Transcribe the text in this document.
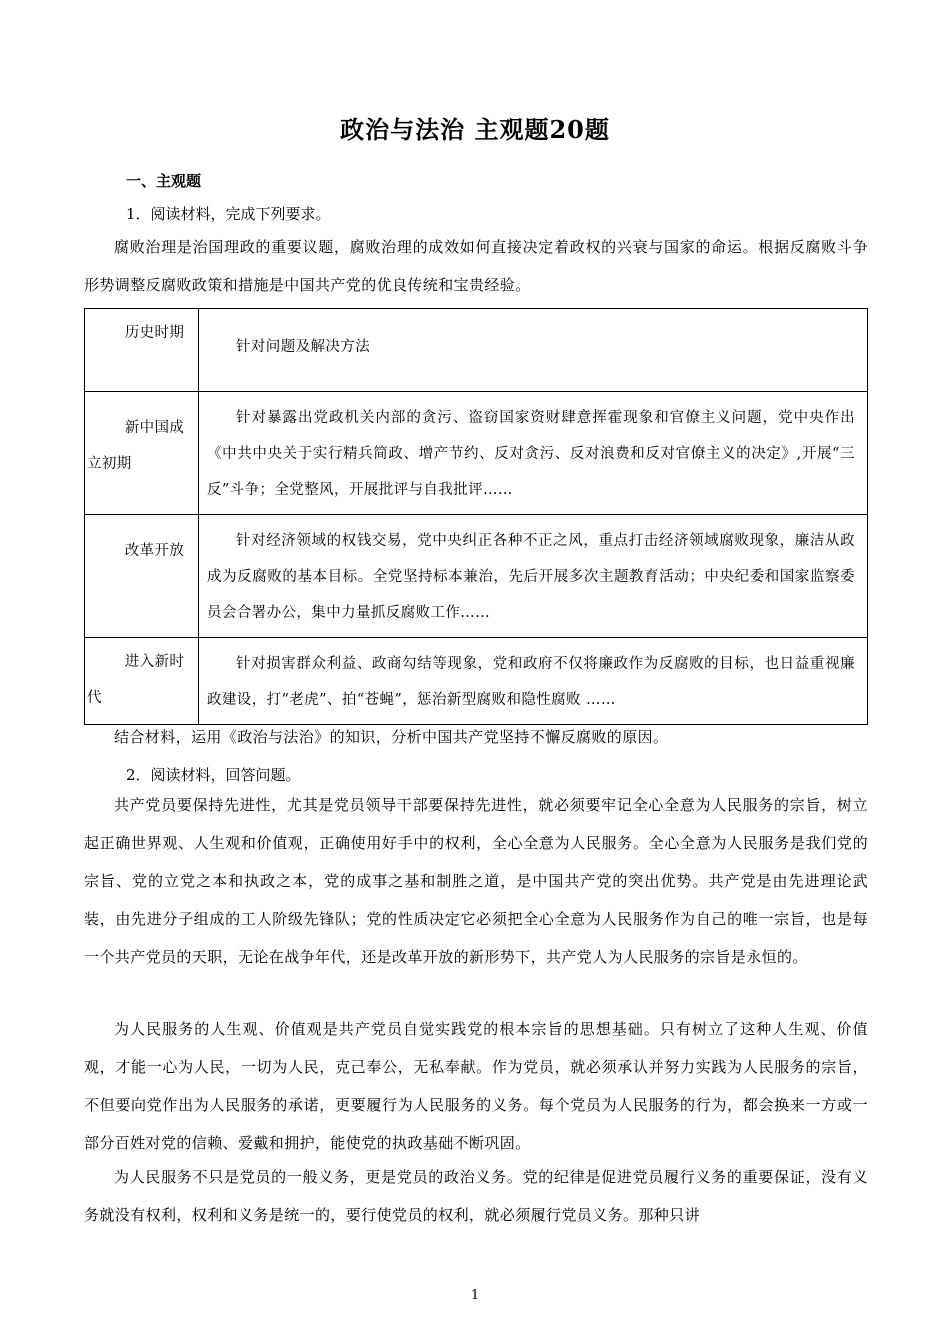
政治与法治 主观题20题
一、主观题
1．阅读材料，完成下列要求。
腐败治理是治国理政的重要议题，腐败治理的成效如何直接决定着政权的兴衰与国家的命运。根据反腐败斗争形势调整反腐败政策和措施是中国共产党的优良传统和宝贵经验。
历史时期	针对问题及解决方法

新中国成立初期	针对暴露出党政机关内部的贪污、盗窃国家资财肆意挥霍现象和官僚主义问题，党中央作出《中共中央关于实行精兵简政、增产节约、反对贪污、反对浪费和反对官僚主义的决定》,开展“三反”斗争；全党整风，开展批评与自我批评……

改革开放	针对经济领域的权钱交易，党中央纠正各种不正之风，重点打击经济领域腐败现象，廉洁从政成为反腐败的基本目标。全党坚持标本兼治，先后开展多次主题教育活动；中央纪委和国家监察委员会合署办公，集中力量抓反腐败工作……

进入新时代	针对损害群众利益、政商勾结等现象，党和政府不仅将廉政作为反腐败的目标，也日益重视廉政建设，打“老虎”、拍“苍蝇”，惩治新型腐败和隐性腐败 ……
结合材料，运用《政治与法治》的知识，分析中国共产党坚持不懈反腐败的原因。
2．阅读材料，回答问题。
共产党员要保持先进性，尤其是党员领导干部要保持先进性，就必须要牢记全心全意为人民服务的宗旨，树立起正确世界观、人生观和价值观，正确使用好手中的权利，全心全意为人民服务。全心全意为人民服务是我们党的宗旨、党的立党之本和执政之本，党的成事之基和制胜之道，是中国共产党的突出优势。共产党是由先进理论武装，由先进分子组成的工人阶级先锋队；党的性质决定它必须把全心全意为人民服务作为自己的唯一宗旨，也是每一个共产党员的天职，无论在战争年代，还是改革开放的新形势下，共产党人为人民服务的宗旨是永恒的。
为人民服务的人生观、价值观是共产党员自觉实践党的根本宗旨的思想基础。只有树立了这种人生观、价值观，才能一心为人民，一切为人民，克己奉公，无私奉献。作为党员，就必须承认并努力实践为人民服务的宗旨，不但要向党作出为人民服务的承诺，更要履行为人民服务的义务。每个党员为人民服务的行为，都会换来一方或一部分百姓对党的信赖、爱戴和拥护，能使党的执政基础不断巩固。
为人民服务不只是党员的一般义务，更是党员的政治义务。党的纪律是促进党员履行义务的重要保证，没有义务就没有权利，权利和义务是统一的，要行使党员的权利，就必须履行党员义务。那种只讲
1
